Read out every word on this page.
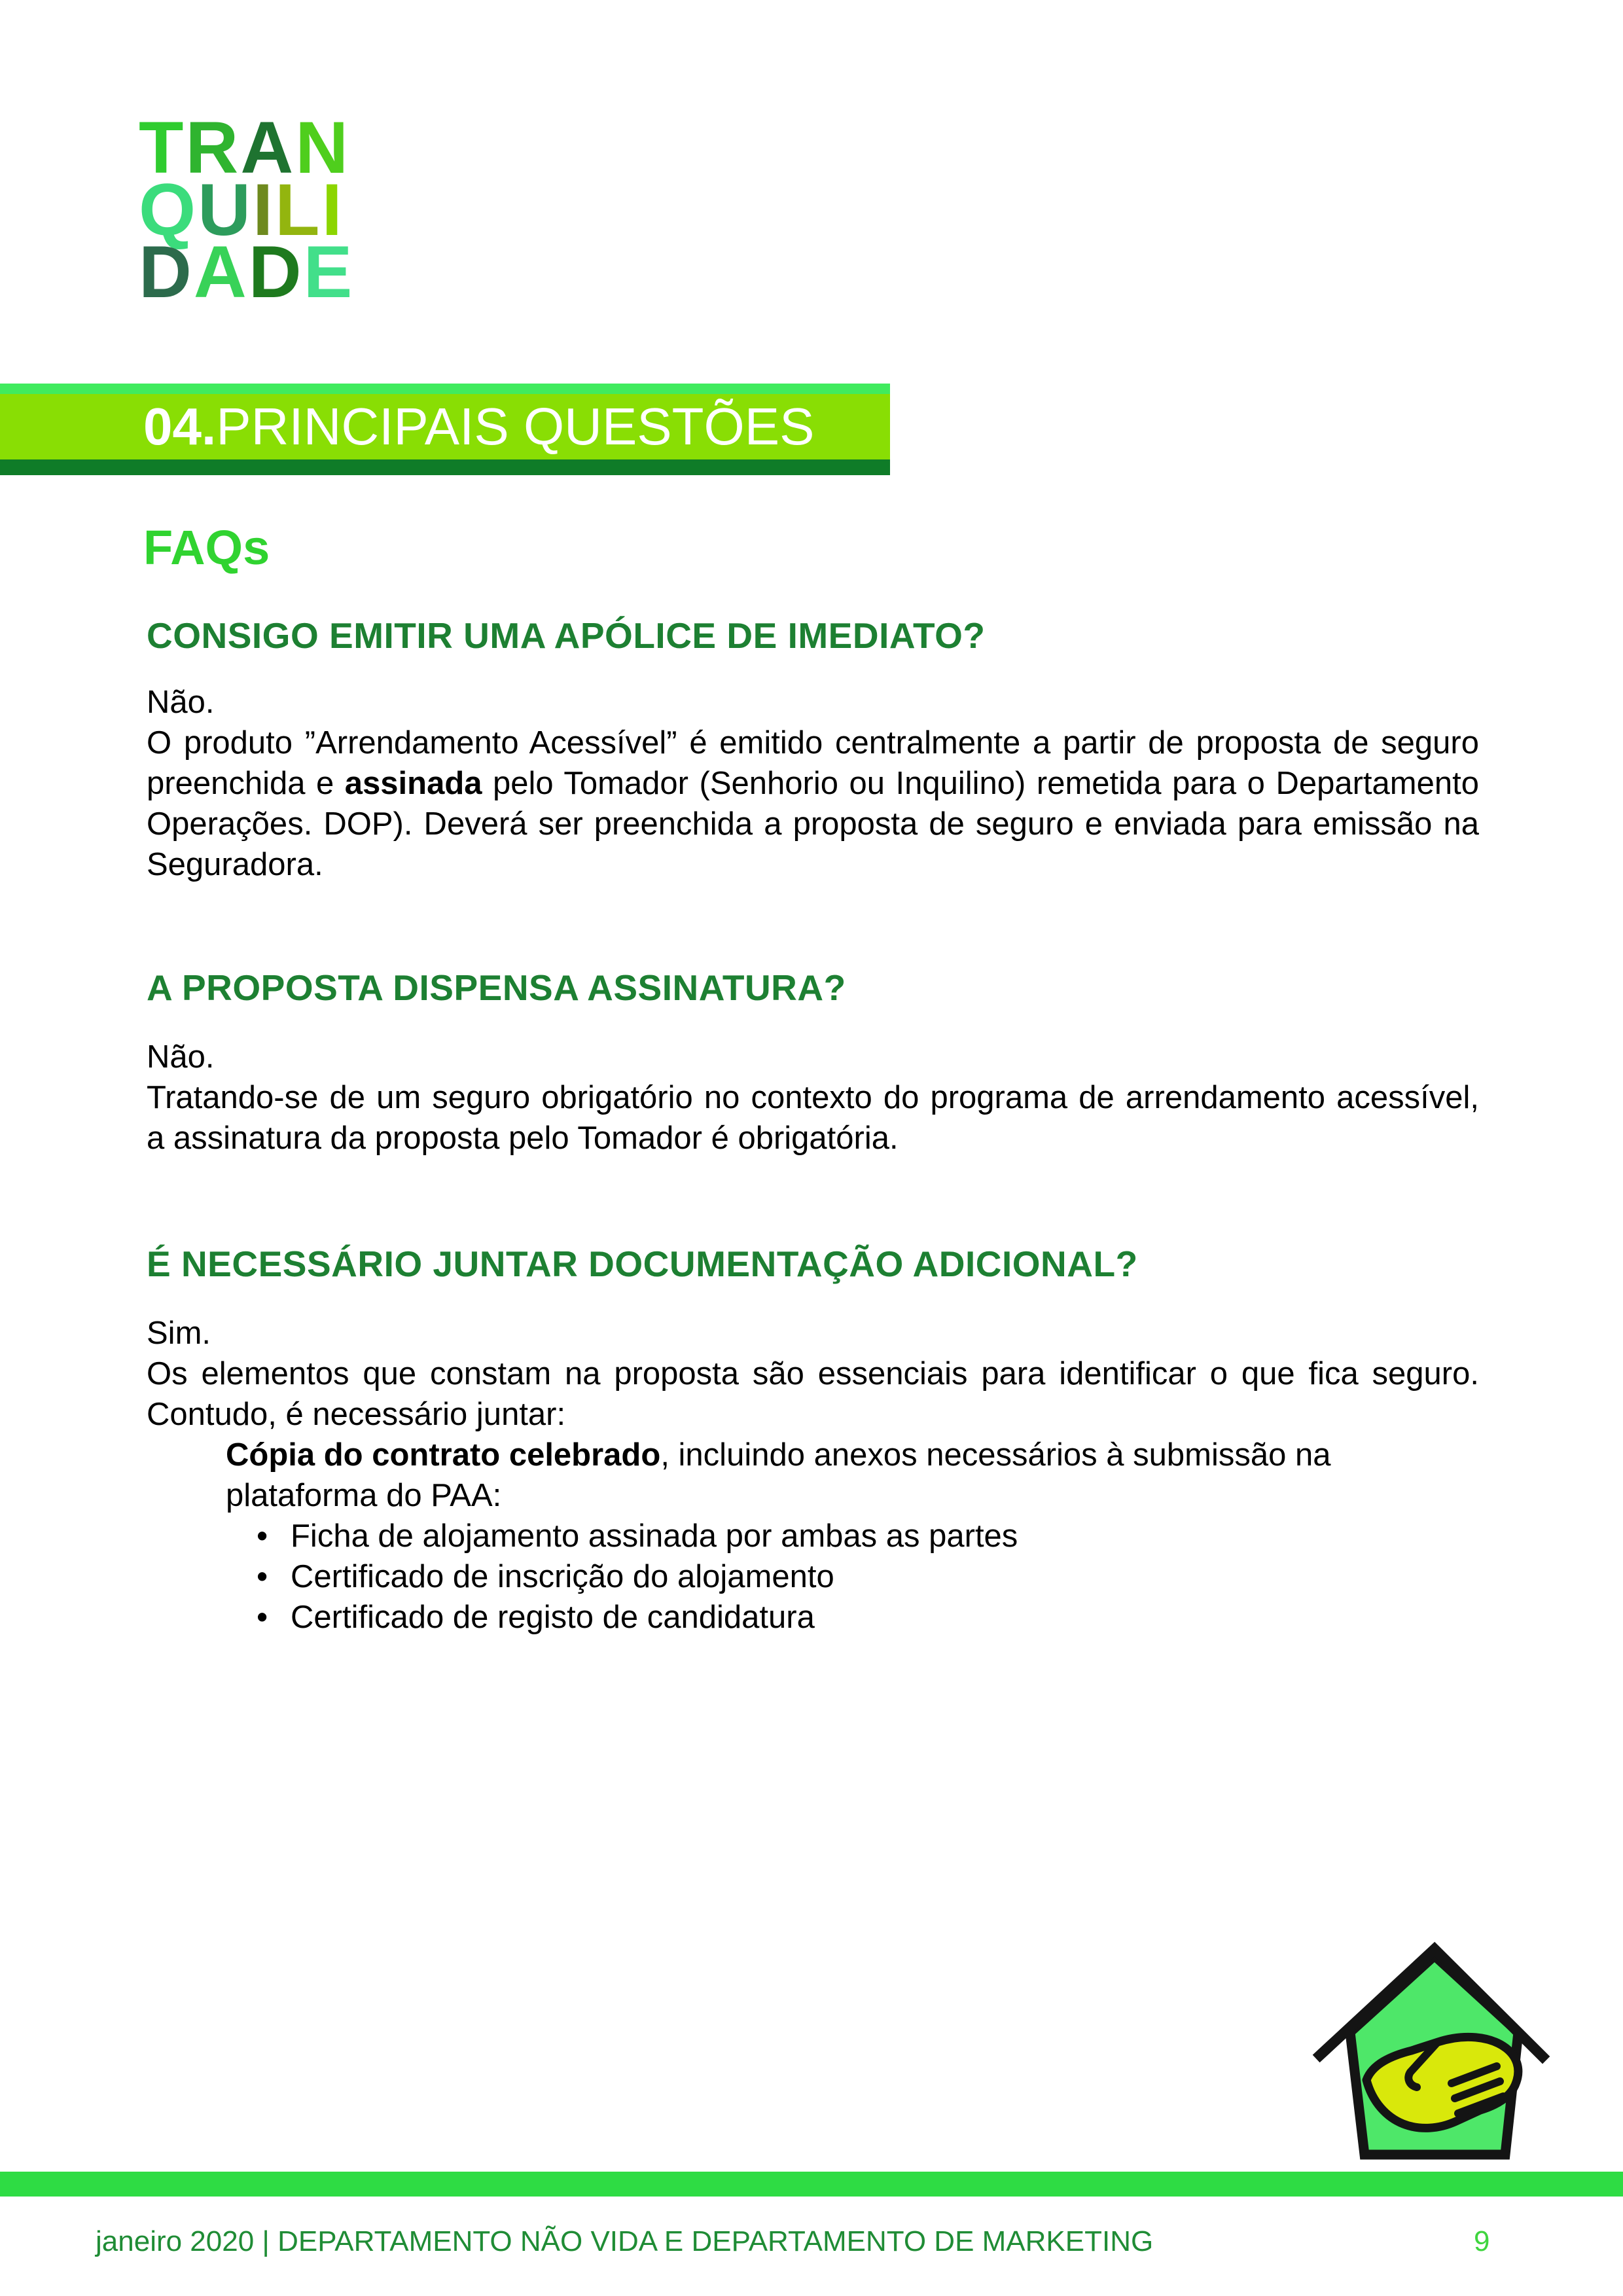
TRAN
QUILI
DADE
04. PRINCIPAIS QUESTÕES
FAQs
CONSIGO EMITIR UMA APÓLICE DE IMEDIATO?
Não.
O produto ”Arrendamento Acessível” é emitido centralmente a partir de proposta de seguro preenchida e assinada pelo Tomador (Senhorio ou Inquilino) remetida para o Departamento Operações. DOP). Deverá ser preenchida a proposta de seguro e enviada para emissão na Seguradora.
A PROPOSTA DISPENSA ASSINATURA?
Não.
Tratando-se de um seguro obrigatório no contexto do programa de arrendamento acessível, a assinatura da proposta pelo Tomador é obrigatória.
É NECESSÁRIO JUNTAR DOCUMENTAÇÃO ADICIONAL?
Sim.
Os elementos que constam na proposta são essenciais para identificar o que fica seguro. Contudo, é necessário juntar:
Cópia do contrato celebrado, incluindo anexos necessários à submissão na plataforma do PAA:
• Ficha de alojamento assinada por ambas as partes
• Certificado de inscrição do alojamento
• Certificado de registo de candidatura
janeiro 2020 | DEPARTAMENTO NÃO VIDA E DEPARTAMENTO DE MARKETING	9
